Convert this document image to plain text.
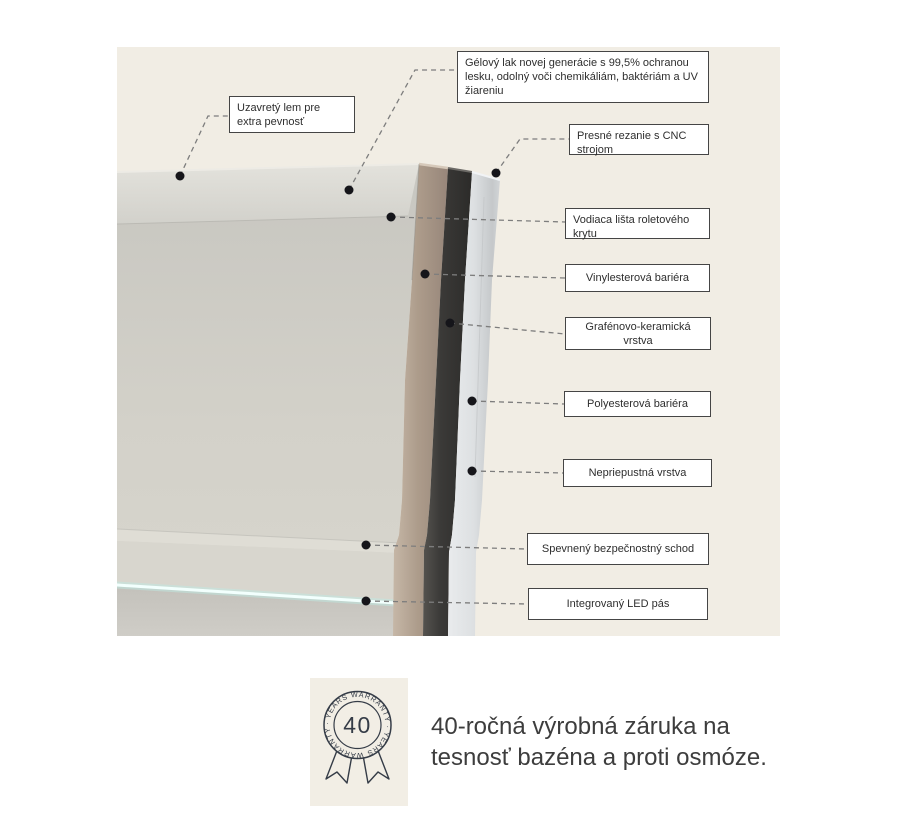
Gélový lak novej generácie s 99,5% ochranou lesku, odolný voči chemikáliám, baktériám a UV žiareniu
Presné rezanie s CNC strojom
Uzavretý lem pre extra pevnosť
Vodiaca lišta roletového krytu
Vinylesterová bariéra
Grafénovo-keramická vrstva
Polyesterová bariéra
Nepriepustná vrstva
Spevnený bezpečnostný schod
Integrovaný LED pás
· YEARS WARRANTY · YEARS WARRANTY 40 40-ročná výrobná záruka na tesnosť bazéna a proti osmóze.
